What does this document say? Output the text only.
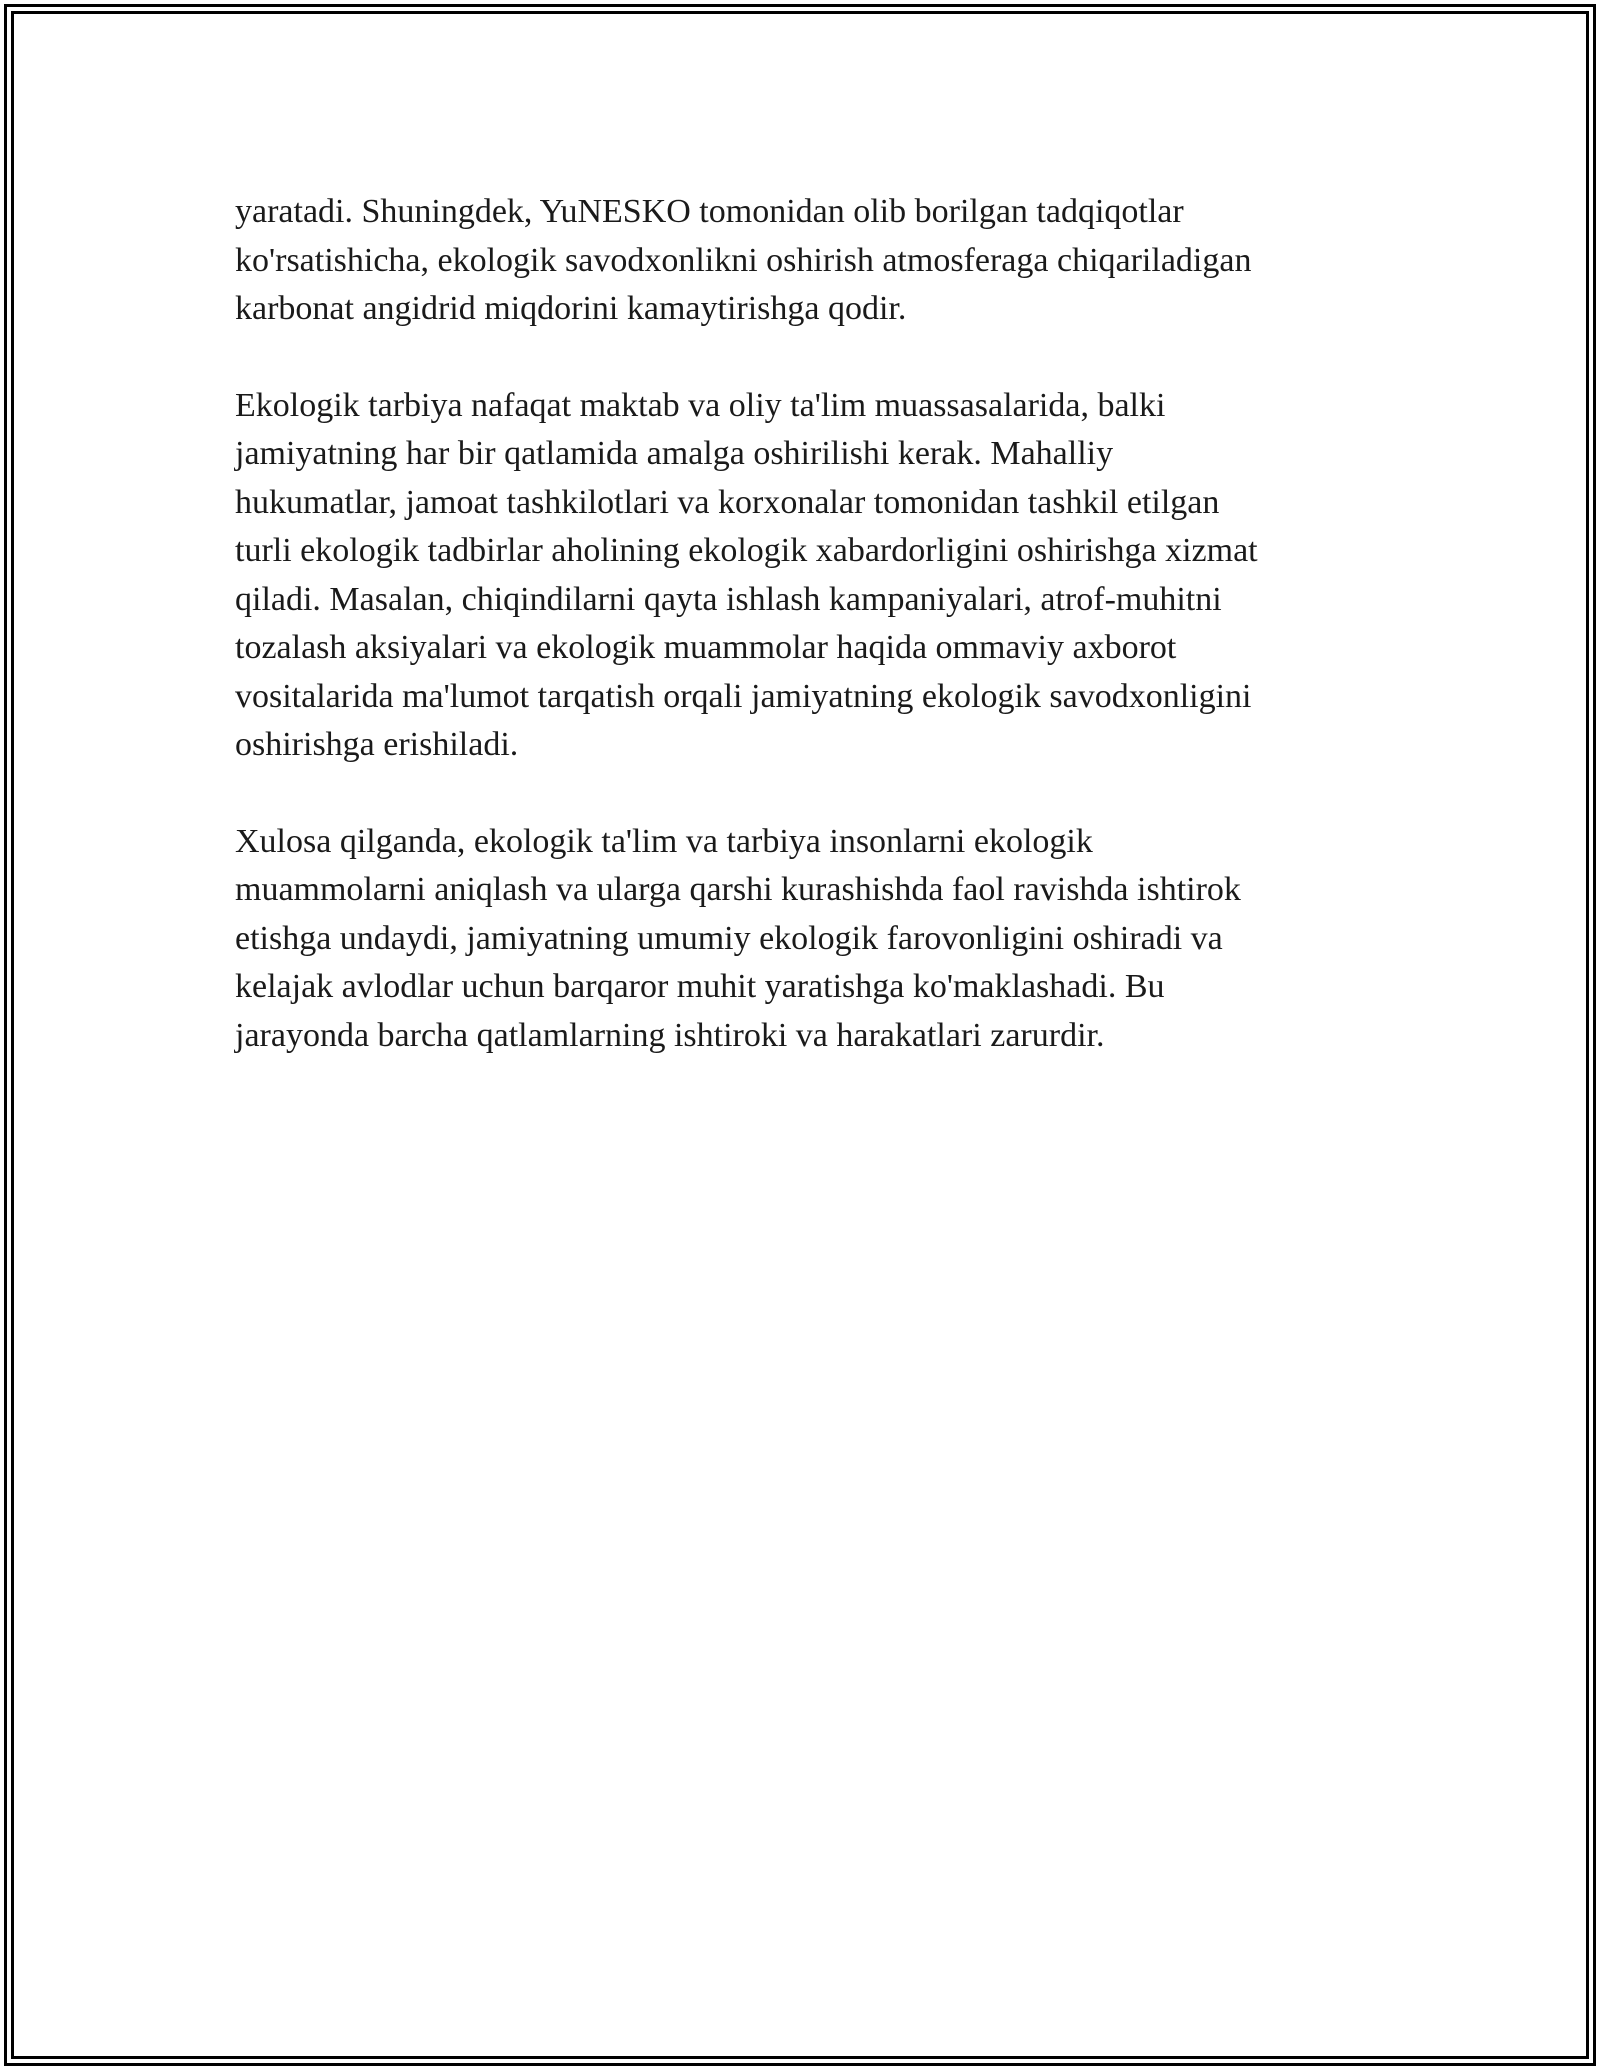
yaratadi. Shuningdek, YuNESKO tomonidan olib borilgan tadqiqotlar
ko'rsatishicha, ekologik savodxonlikni oshirish atmosferaga chiqariladigan
karbonat angidrid miqdorini kamaytirishga qodir.

Ekologik tarbiya nafaqat maktab va oliy ta'lim muassasalarida, balki
jamiyatning har bir qatlamida amalga oshirilishi kerak. Mahalliy
hukumatlar, jamoat tashkilotlari va korxonalar tomonidan tashkil etilgan
turli ekologik tadbirlar aholining ekologik xabardorligini oshirishga xizmat
qiladi. Masalan, chiqindilarni qayta ishlash kampaniyalari, atrof-muhitni
tozalash aksiyalari va ekologik muammolar haqida ommaviy axborot
vositalarida ma'lumot tarqatish orqali jamiyatning ekologik savodxonligini
oshirishga erishiladi.

Xulosa qilganda, ekologik ta'lim va tarbiya insonlarni ekologik
muammolarni aniqlash va ularga qarshi kurashishda faol ravishda ishtirok
etishga undaydi, jamiyatning umumiy ekologik farovonligini oshiradi va
kelajak avlodlar uchun barqaror muhit yaratishga ko'maklashadi. Bu
jarayonda barcha qatlamlarning ishtiroki va harakatlari zarurdir.
